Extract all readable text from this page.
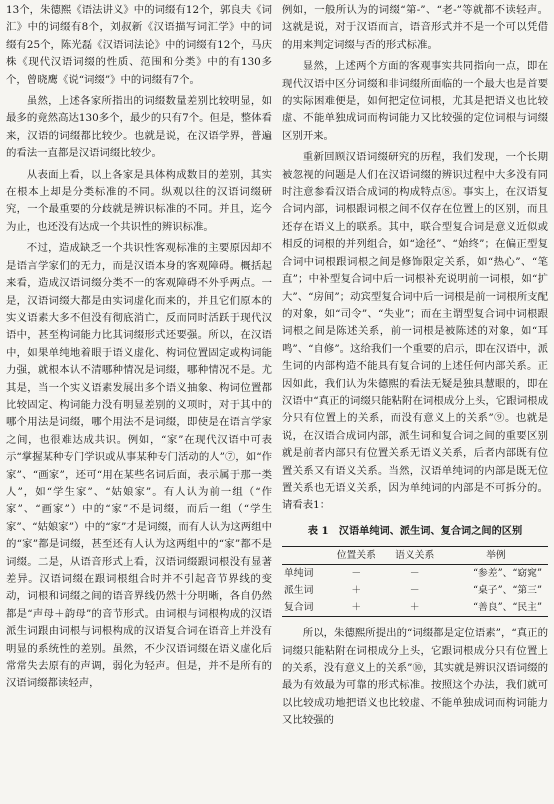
13个，朱德熙《语法讲义》中的词缀有12个，郭良夫《词汇》中的词缀有8个，刘叔新《汉语描写词汇学》中的词缀有25个，陈光磊《汉语词法论》中的词缀有12个，马庆株《现代汉语词缀的性质、范围和分类》中的有130多个，曾晓鹰《说“词缀”》中的词缀有7个。

虽然，上述各家所指出的词缀数量差别比较明显，如最多的竟然高达130多个，最少的只有7个。但是，整体看来，汉语的词缀都比较少。也就是说，在汉语学界，普遍的看法一直都是汉语词缀比较少。

从表面上看，以上各家是具体构成数目的差别，其实在根本上却是分类标准的不同。纵观以往的汉语词缀研究，一个最重要的分歧就是辨识标准的不同。并且，迄今为止，也还没有达成一个共识性的辨识标准。

不过，造成缺乏一个共识性客观标准的主要原因却不是语言学家们的无力，而是汉语本身的客观障碍。概括起来看，造成汉语词缀分类不一的客观障碍不外乎两点。一是，汉语词缀大都是由实词虚化而来的，并且它们原本的实义语素大多不但没有彻底消亡，反而同时活跃于现代汉语中，甚至构词能力比其词缀形式还要强。所以，在汉语中，如果单纯地着眼于语义虚化、构词位置固定或构词能力强，就根本认不清哪种情况是词缀，哪种情况不是。尤其是，当一个实义语素发展出多个语义抽象、构词位置都比较固定、构词能力没有明显差别的义项时，对于其中的哪个用法是词缀，哪个用法不是词缀，即使是在语言学家之间，也很难达成共识。例如，“家”在现代汉语中可表示“掌握某种专门学识或从事某种专门活动的人”⑦，如“作家”、“画家”，还可“用在某些名词后面，表示属于那一类人”，如“学生家”、“姑娘家”。有人认为前一组（“作家”、“画家”）中的“家”不是词缀，而后一组（“学生家”、“姑娘家”）中的“家”才是词缀，而有人认为这两组中的“家”都是词缀，甚至还有人认为这两组中的“家”都不是词缀。二是，从语音形式上看，汉语词缀跟词根没有显著差异。汉语词缀在跟词根组合时并不引起音节界线的变动，词根和词缀之间的语音界线仍然十分明晰，各自仍然都是“声母＋韵母”的音节形式。由词根与词根构成的汉语派生词跟由词根与词根构成的汉语复合词在语音上并没有明显的系统性的差别。虽然，不少汉语词缀在语义虚化后常常失去原有的声调，弱化为轻声。但是，并不是所有的汉语词缀都读轻声，

例如，一般所认为的词缀“第-”、“老-”等就都不读轻声。这就是说，对于汉语而言，语音形式并不是一个可以凭借的用来判定词缀与否的形式标准。

显然，上述两个方面的客观事实共同指向一点，即在现代汉语中区分词缀和非词缀所面临的一个最大也是首要的实际困难便是，如何把定位词根，尤其是把语义也比较虚、不能单独成词而构词能力又比较强的定位词根与词缀区别开来。

重新回顾汉语词缀研究的历程，我们发现，一个长期被忽视的问题是人们在汉语词缀的辨识过程中大多没有同时注意参看汉语合成词的构成特点⑧。事实上，在汉语复合词内部，词根跟词根之间不仅存在位置上的区别，而且还存在语义上的联系。其中，联合型复合词是意义近似或相反的词根的并列组合，如“途径”、“始终”；在偏正型复合词中词根跟词根之间是修饰限定关系，如“热心”、“笔直”；中补型复合词中后一词根补充说明前一词根，如“扩大”、“房间”；动宾型复合词中后一词根是前一词根所支配的对象，如“司令”、“失业”；而在主谓型复合词中词根跟词根之间是陈述关系，前一词根是被陈述的对象，如“耳鸣”、“自修”。这给我们一个重要的启示，即在汉语中，派生词的内部构造不能具有复合词的上述任何内部关系。正因如此，我们认为朱德熙的看法无疑是独具慧眼的，即在汉语中“真正的词缀只能粘附在词根成分上头，它跟词根成分只有位置上的关系，而没有意义上的关系”⑨。也就是说，在汉语合成词内部，派生词和复合词之间的重要区别就是前者内部只有位置关系无语义关系，后者内部既有位置关系又有语义关系。当然，汉语单纯词的内部是既无位置关系也无语义关系，因为单纯词的内部是不可拆分的。请看表1：

表 1　汉语单纯词、派生词、复合词之间的区别
	位置关系	语义关系	举例
单纯词	－	－	“参差”、“窈窕”
派生词	＋	－	“桌子”、“第三”
复合词	＋	＋	“善良”、“民主”

所以，朱德熙所提出的“词缀都是定位语素”，“真正的词缀只能粘附在词根成分上头，它跟词根成分只有位置上的关系，没有意义上的关系”⑩，其实就是辨识汉语词缀的最为有效最为可靠的形式标准。按照这个办法，我们就可以比较成功地把语义也比较虚、不能单独成词而构词能力又比较强的
